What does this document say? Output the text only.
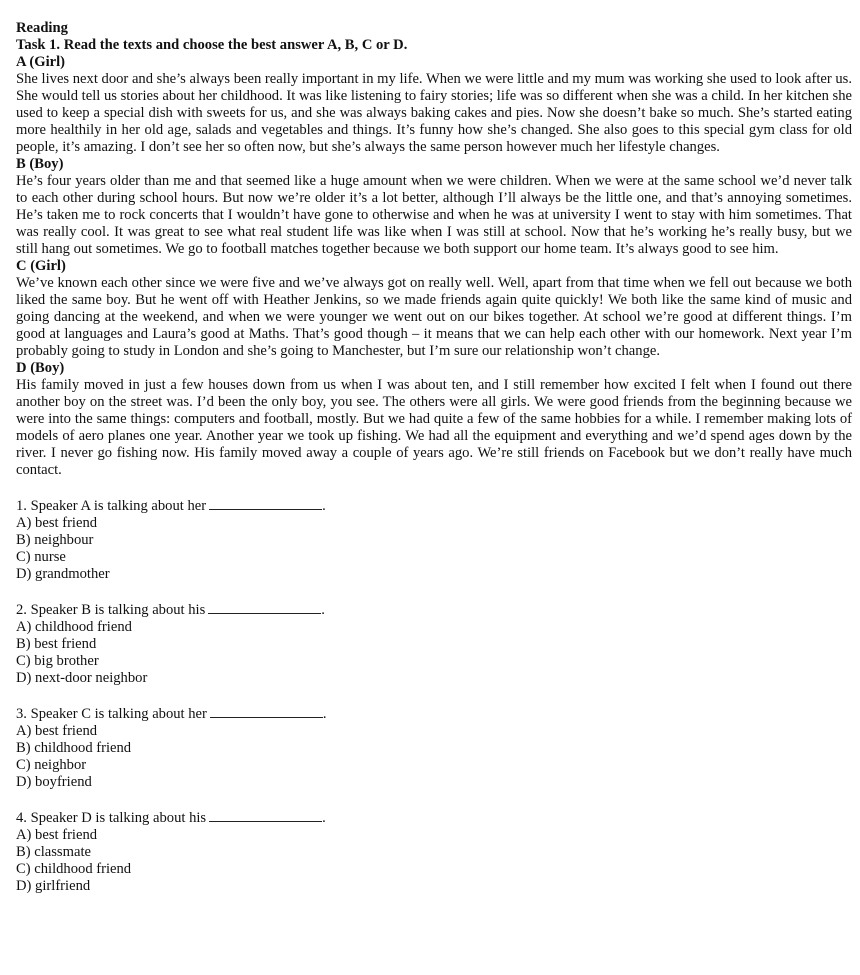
Reading

Task 1. Read the texts and choose the best answer A, B, C or D.

A (Girl)

She lives next door and she’s always been really important in my life. When we were little and my mum was working she used to look after us. She would tell us stories about her childhood. It was like listening to fairy stories; life was so different when she was a child. In her kitchen she used to keep a special dish with sweets for us, and she was always baking cakes and pies. Now she doesn’t bake so much. She’s started eating more healthily in her old age, salads and vegetables and things. It’s funny how she’s changed. She also goes to this special gym class for old people, it’s amazing. I don’t see her so often now, but she’s always the same person however much her lifestyle changes.

B (Boy)

He’s four years older than me and that seemed like a huge amount when we were children. When we were at the same school we’d never talk to each other during school hours. But now we’re older it’s a lot better, although I’ll always be the little one, and that’s annoying sometimes. He’s taken me to rock concerts that I wouldn’t have gone to otherwise and when he was at university I went to stay with him sometimes. That was really cool. It was great to see what real student life was like when I was still at school. Now that he’s working he’s really busy, but we still hang out sometimes. We go to football matches together because we both support our home team. It’s always good to see him.

C (Girl)

We’ve known each other since we were five and we’ve always got on really well. Well, apart from that time when we fell out because we both liked the same boy. But he went off with Heather Jenkins, so we made friends again quite quickly! We both like the same kind of music and going dancing at the weekend, and when we were younger we went out on our bikes together. At school we’re good at different things. I’m good at languages and Laura’s good at Maths. That’s good though – it means that we can help each other with our homework. Next year I’m probably going to study in London and she’s going to Manchester, but I’m sure our relationship won’t change.

D (Boy)

His family moved in just a few houses down from us when I was about ten, and I still remember how excited I felt when I found out there another boy on the street was. I’d been the only boy, you see. The others were all girls. We were good friends from the beginning because we were into the same things: computers and football, mostly. But we had quite a few of the same hobbies for a while. I remember making lots of models of aero planes one year. Another year we took up fishing. We had all the equipment and everything and we’d spend ages down by the river. I never go fishing now. His family moved away a couple of years ago. We’re still friends on Facebook but we don’t really have much contact.

1. Speaker A is talking about her	.

A) best friend

B) neighbour

C) nurse

D) grandmother

2. Speaker B is talking about his	.

A) childhood friend

B) best friend

C) big brother

D) next-door neighbor

3. Speaker C is talking about her	.

A) best friend

B) childhood friend

C) neighbor

D) boyfriend

4. Speaker D is talking about his	.

A) best friend

B) classmate

C) childhood friend

D) girlfriend
